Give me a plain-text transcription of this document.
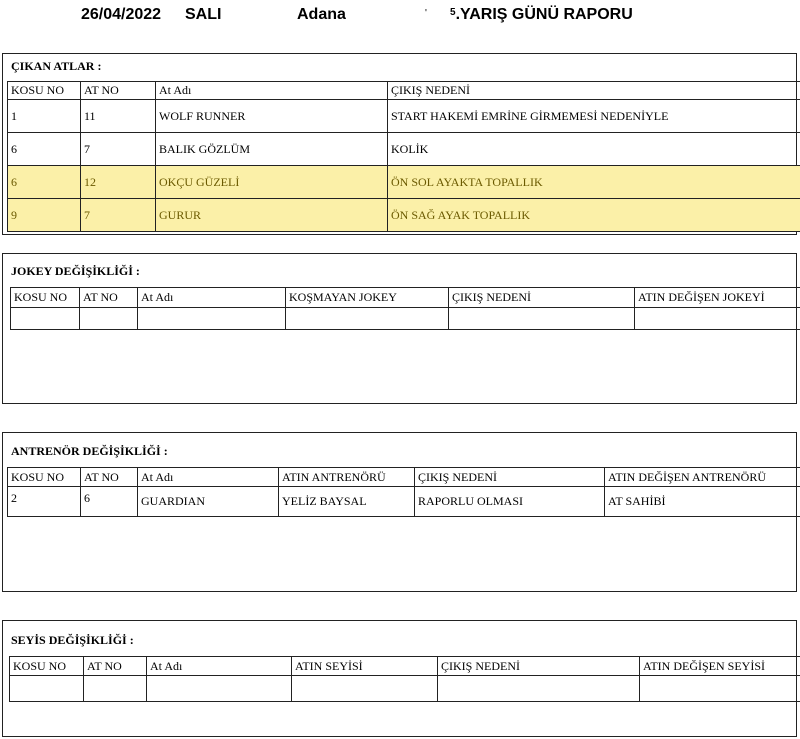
26/04/2022 SALI	Adana	' $^5$.YARIŞ GÜNÜ RAPORU
ÇIKAN ATLAR :
KOSU NO	AT NO	At Adı	ÇIKIŞ NEDENİ
1	11	WOLF RUNNER	START HAKEMİ EMRİNE GİRMEMESİ NEDENİYLE
6	7	BALIK GÖZLÜM	KOLİK
6	12	OKÇU GÜZELİ	ÖN SOL AYAKTA TOPALLIK
9	7	GURUR	ÖN SAĞ AYAK TOPALLIK
JOKEY DEĞİŞİKLİĞİ :
KOSU NO	AT NO	At Adı	KOŞMAYAN JOKEY	ÇIKIŞ NEDENİ	ATIN DEĞİŞEN JOKEYİ

ANTRENÖR DEĞİŞİKLİĞİ :
KOSU NO	AT NO	At Adı	ATIN ANTRENÖRÜ	ÇIKIŞ NEDENİ	ATIN DEĞİŞEN ANTRENÖRÜ
2	6	GUARDIAN	YELİZ BAYSAL	RAPORLU OLMASI	AT SAHİBİ
SEYİS DEĞİŞİKLİĞİ :
KOSU NO	AT NO	At Adı	ATIN SEYİSİ	ÇIKIŞ NEDENİ	ATIN DEĞİŞEN SEYİSİ
